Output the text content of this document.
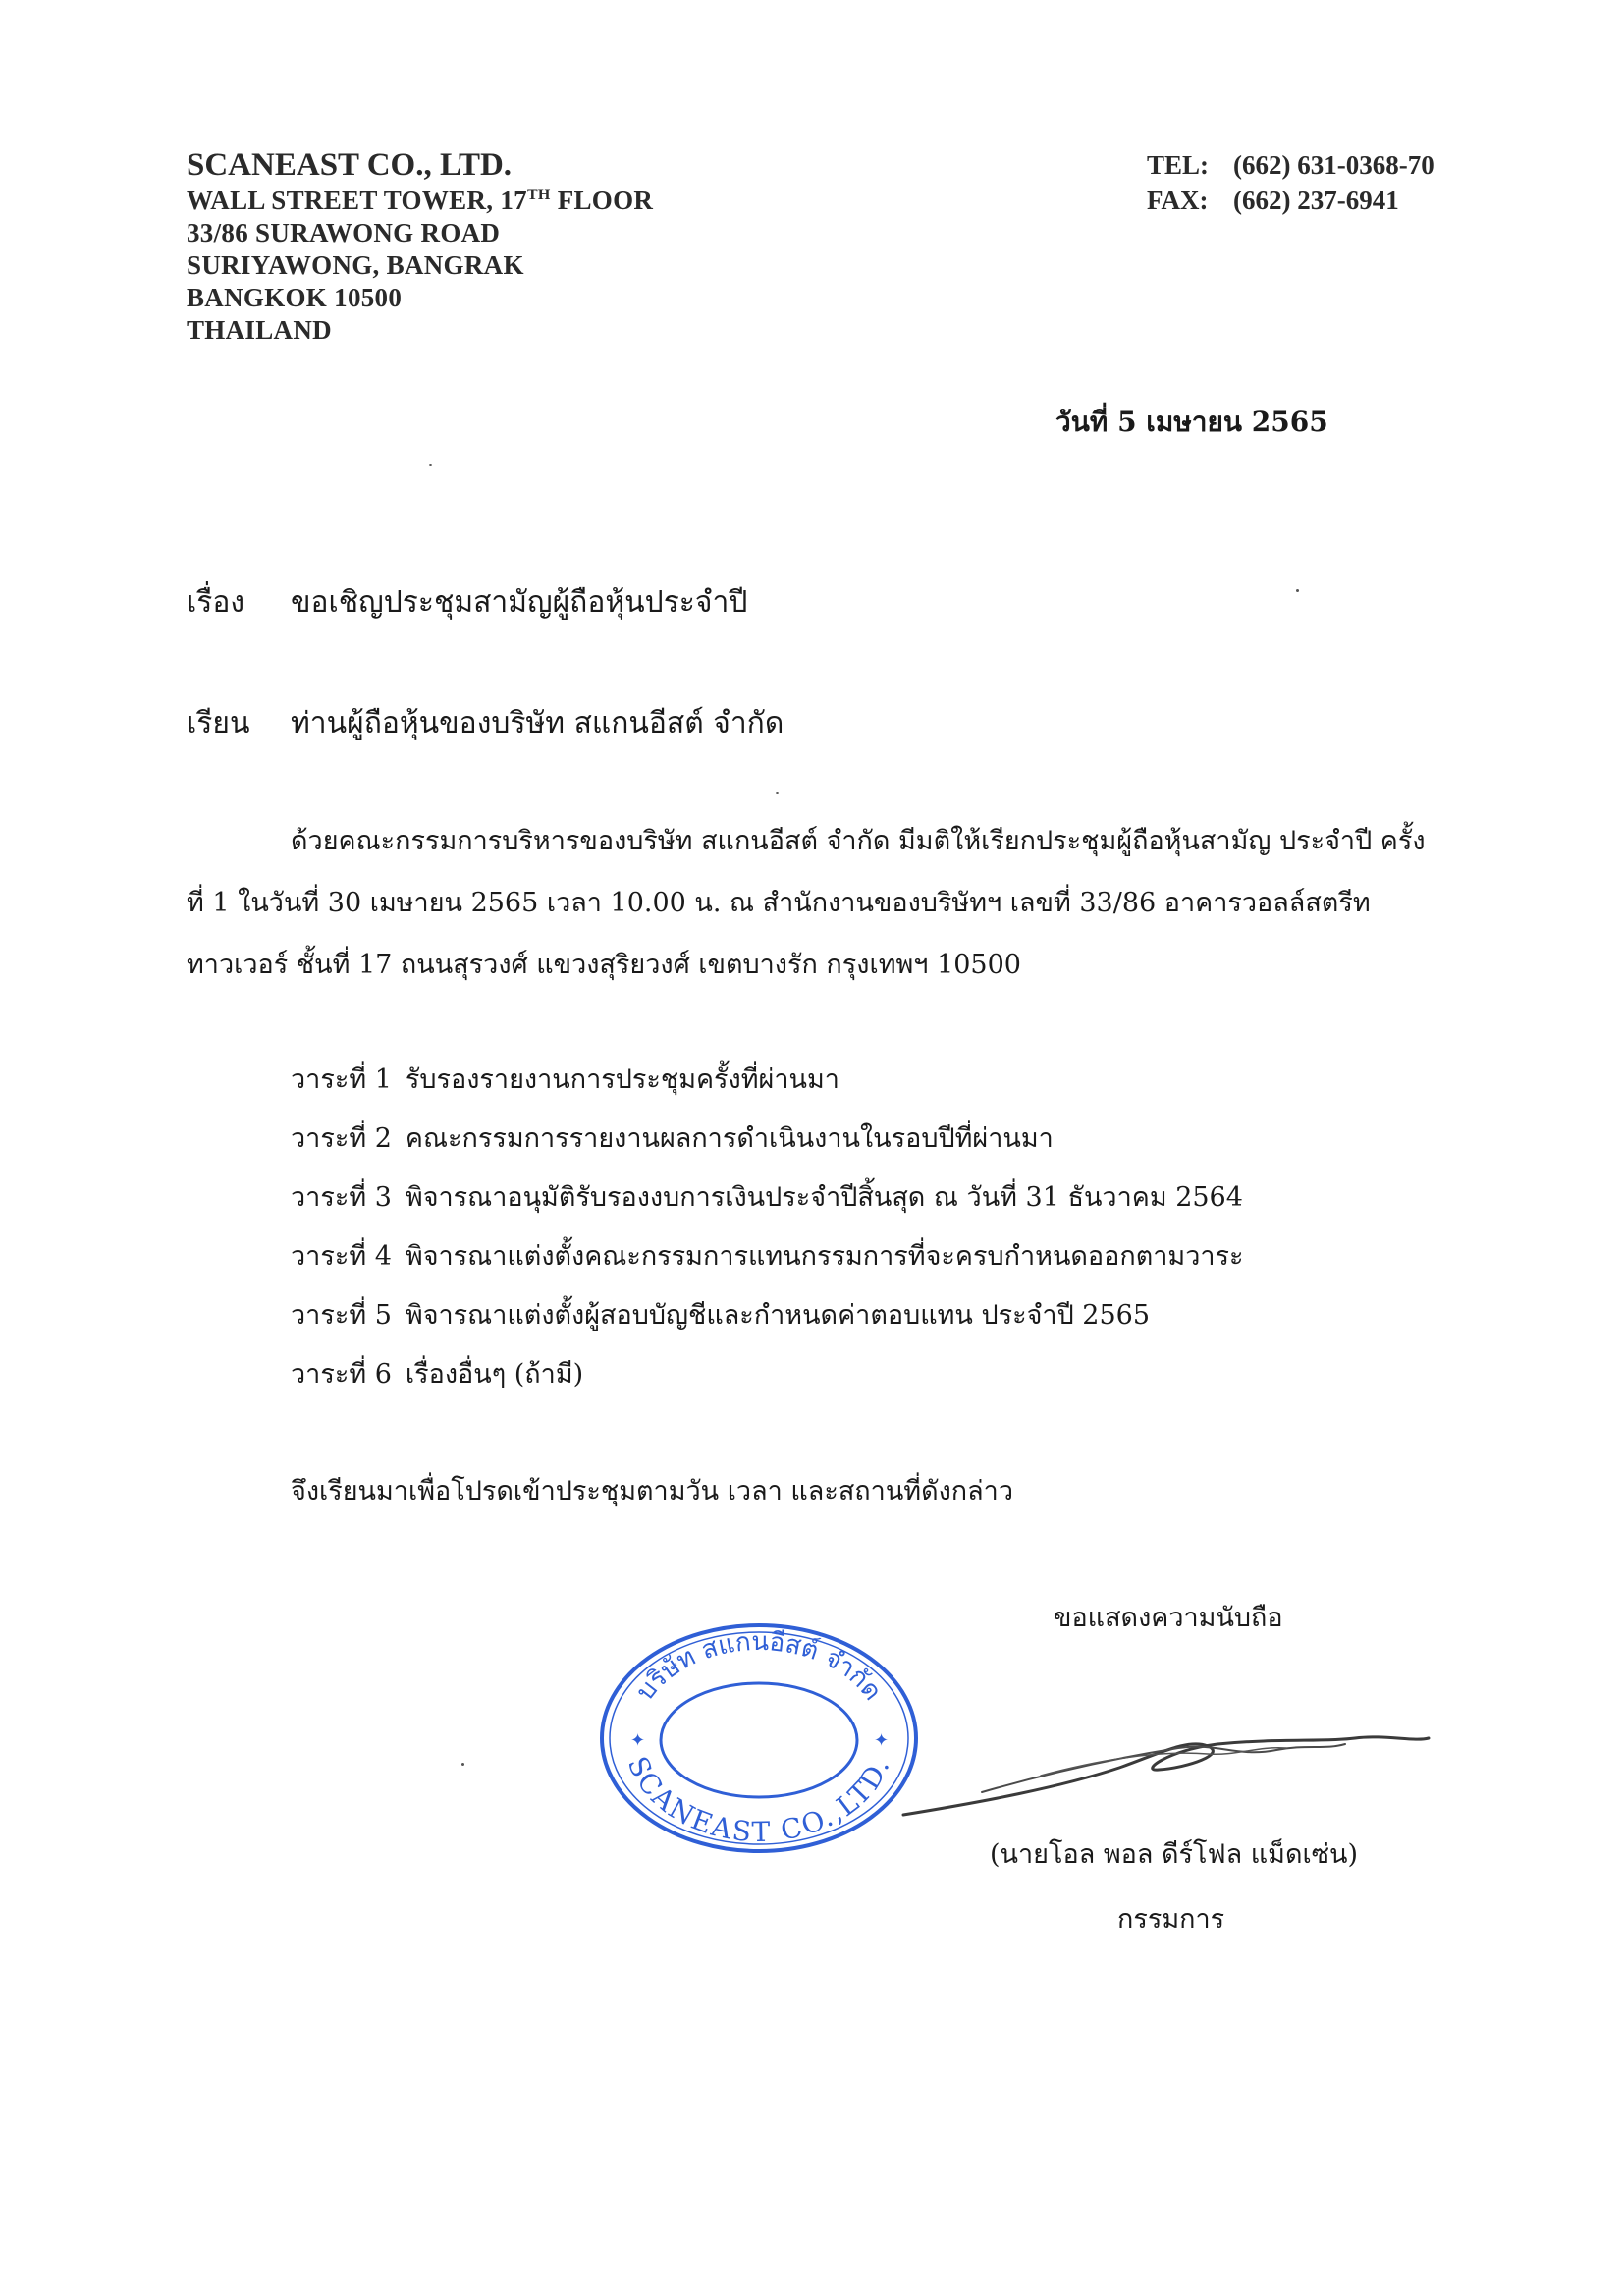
SCANEAST CO., LTD.
WALL STREET TOWER, 17TH FLOOR
33/86 SURAWONG ROAD
SURIYAWONG, BANGRAK
BANGKOK 10500
THAILAND
TEL: (662) 631-0368-70
FAX: (662) 237-6941
วันที่ 5 เมษายน 2565
เรื่อง	ขอเชิญประชุมสามัญผู้ถือหุ้นประจำปี
เรียน	ท่านผู้ถือหุ้นของบริษัท สแกนอีสต์ จำกัด
ด้วยคณะกรรมการบริหารของบริษัท สแกนอีสต์ จำกัด มีมติให้เรียกประชุมผู้ถือหุ้นสามัญ ประจำปี ครั้งที่ 1 ในวันที่ 30 เมษายน 2565 เวลา 10.00 น. ณ สำนักงานของบริษัทฯ เลขที่ 33/86 อาคารวอลล์สตรีททาวเวอร์ ชั้นที่ 17 ถนนสุรวงศ์ แขวงสุริยวงศ์ เขตบางรัก กรุงเทพฯ 10500
วาระที่ 1 รับรองรายงานการประชุมครั้งที่ผ่านมา
วาระที่ 2 คณะกรรมการรายงานผลการดำเนินงานในรอบปีที่ผ่านมา
วาระที่ 3 พิจารณาอนุมัติรับรองงบการเงินประจำปีสิ้นสุด ณ วันที่ 31 ธันวาคม 2564
วาระที่ 4 พิจารณาแต่งตั้งคณะกรรมการแทนกรรมการที่จะครบกำหนดออกตามวาระ
วาระที่ 5 พิจารณาแต่งตั้งผู้สอบบัญชีและกำหนดค่าตอบแทน ประจำปี 2565
วาระที่ 6 เรื่องอื่นๆ (ถ้ามี)
จึงเรียนมาเพื่อโปรดเข้าประชุมตามวัน เวลา และสถานที่ดังกล่าว
ขอแสดงความนับถือ
บริษัท สแกนอีสต์ จำกัด
SCANEAST CO.,LTD.
✦	✦
(นายโอล พอล ดีร์โฟล แม็ดเซ่น)
กรรมการ
